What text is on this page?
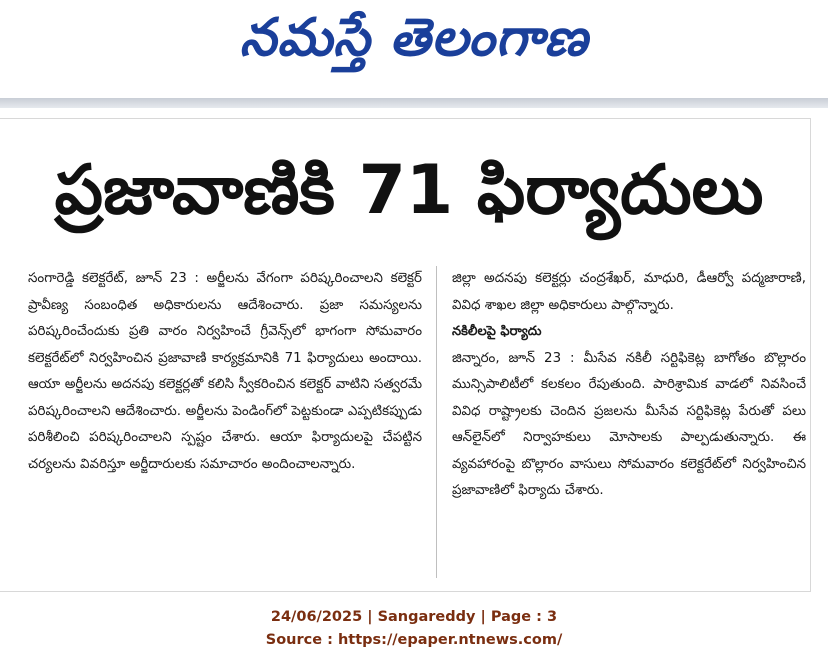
నమస్తే తెలంగాణ
ప్రజావాణికి 71 ఫిర్యాదులు

సంగారెడ్డి కలెక్టరేట్, జూన్ 23 : అర్జీలను వేగంగా పరిష్కరించాలని కలెక్టర్ ప్రావీణ్య సంబంధిత అధికారులను ఆదేశించారు. ప్రజా సమస్యలను పరిష్కరించేందుకు ప్రతి వారం నిర్వహించే గ్రీవెన్స్‌లో భాగంగా సోమవారం కలెక్టరేట్‌లో నిర్వహించిన ప్రజావాణి కార్యక్రమానికి 71 ఫిర్యాదులు అందాయి. ఆయా అర్జీలను అదనపు కలెక్టర్లతో కలిసి స్వీకరించిన కలెక్టర్ వాటిని సత్వరమే పరిష్కరించాలని ఆదేశించారు. అర్జీలను పెండింగ్‌లో పెట్టకుండా ఎప్పటికప్పుడు పరిశీలించి పరిష్కరించాలని స్పష్టం చేశారు. ఆయా ఫిర్యాదులపై చేపట్టిన చర్యలను వివరిస్తూ అర్జీదారులకు సమాచారం అందించాలన్నారు.

జిల్లా అదనపు కలెక్టర్లు చంద్రశేఖర్, మాధురి, డీఆర్వో పద్మజారాణి, వివిధ శాఖల జిల్లా అధికారులు పాల్గొన్నారు.

నకిలీలపై ఫిర్యాదు

జిన్నారం, జూన్ 23 : మీసేవ నకిలీ సర్టిఫికెట్ల బాగోతం బొల్లారం మున్సిపాలిటీలో కలకలం రేపుతుంది. పారిశ్రామిక వాడలో నివసించే వివిధ రాష్ట్రాలకు చెందిన ప్రజలను మీసేవ సర్టిఫికెట్ల పేరుతో పలు ఆన్‌లైన్‌లో నిర్వాహకులు మోసాలకు పాల్పడుతున్నారు. ఈ వ్యవహారంపై బొల్లారం వాసులు సోమవారం కలెక్టరేట్‌లో నిర్వహించిన ప్రజావాణిలో ఫిర్యాదు చేశారు.

24/06/2025 | Sangareddy | Page : 3
Source : https://epaper.ntnews.com/
